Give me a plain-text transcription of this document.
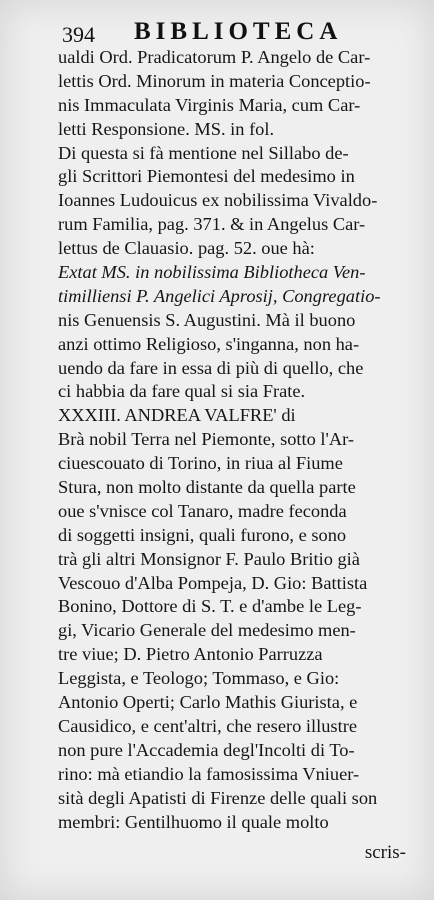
394 BIBLIOTECA
ualdi Ord. Pradicatorum P. Angelo de Car-
lettis Ord. Minorum in materia Conceptio-
nis Immaculata Virginis Maria, cum Car-
letti Responsione. MS. in fol.
Di questa si fà mentione nel Sillabo de-
gli Scrittori Piemontesi del medesimo in
Ioannes Ludouicus ex nobilissima Vivaldo-
rum Familia, pag. 371. & in Angelus Car-
lettus de Clauasio. pag. 52. oue hà:
Extat MS. in nobilissima Bibliotheca Ven-
timilliensi P. Angelici Aprosij, Congregatio-
nis Genuensis S. Augustini. Mà il buono
anzi ottimo Religioso, s'inganna, non ha-
uendo da fare in essa di più di quello, che
ci habbia da fare qual si sia Frate.
XXXIII. ANDREA VALFRE' di
Brà nobil Terra nel Piemonte, sotto l'Ar-
ciuescouato di Torino, in riua al Fiume
Stura, non molto distante da quella parte
oue s'vnisce col Tanaro, madre feconda
di soggetti insigni, quali furono, e sono
trà gli altri Monsignor F. Paulo Britio già
Vescouo d'Alba Pompeja, D. Gio: Battista
Bonino, Dottore di S. T. e d'ambe le Leg-
gi, Vicario Generale del medesimo men-
tre viue; D. Pietro Antonio Parruzza
Leggista, e Teologo; Tommaso, e Gio:
Antonio Operti; Carlo Mathis Giurista, e
Causidico, e cent'altri, che resero illustre
non pure l'Accademia degl'Incolti di To-
rino: mà etiandio la famosissima Vniuer-
sità degli Apatisti di Firenze delle quali son
membri: Gentilhuomo il quale molto
scris-
